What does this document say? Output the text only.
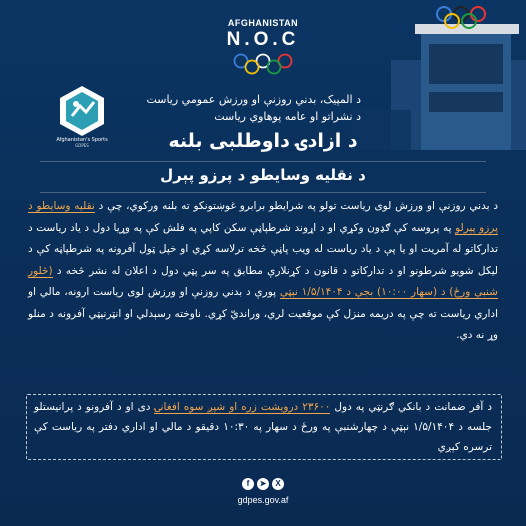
AFGHANISTAN
N.O.C
Afghanistan's Sports
GDPES
د المپیک، بدني روزنې او ورزش عمومي ریاست
د نشراتو او عامه پوهاوي ریاست
د ازادۍ داوطلبی بلنه
د نقلیه وسایطو د پرزو پېرل
د بدني روزنې او ورزش لوی ریاست تولو په شرایطو برابرو غوښتونکو ته بلنه ورکوي، چې د نقلیه وسایطو د پرزو پېرلو په پروسه کې ګډون وکړي او د اړوند شرطپاڼې سکن کاپي په فلش کې په وړیا دول د یاد ریاست د تدارکاتو له آمریت او یا پې د یاد ریاست له ویب پاڼې څخه ترلاسه کړي او خپل ټول آفرونه په شرطپاڼه کې د لیکل شویو شرطونو او د تدارکاتو د قانون د کړنلارې مطابق په سر پټي دول د اعلان له نشر څخه د (څلور شنبې ورځ) د (سهار ۱۰:۰۰) بجې د ۱/۵/۱۴۰۴ نېټې پورې د بدني روزنې او ورزش لوی ریاست ارونه، مالي او اداري ریاست ته چې په دریمه منزل کې موقعیت لري، ورانديّ کړي. ناوخته رسېدلي او انټرنیټي آفرونه د منلو وړ نه دي.
د آفر ضمانت د بانکي ګرنټي په دول ۲۳۶۰۰ درویشت زره او شپږ سوه افغانۍ دی او د آفرونو د پرانیستلو جلسه د ۱/۵/۱۴۰۴ نېټې د چهارشنبې په ورځ د سهار په ۱۰:۳۰ دقیقو د مالي او اداري دفتر په ریاست کې ترسره کېږي
f	➤	X
gdpes.gov.af
